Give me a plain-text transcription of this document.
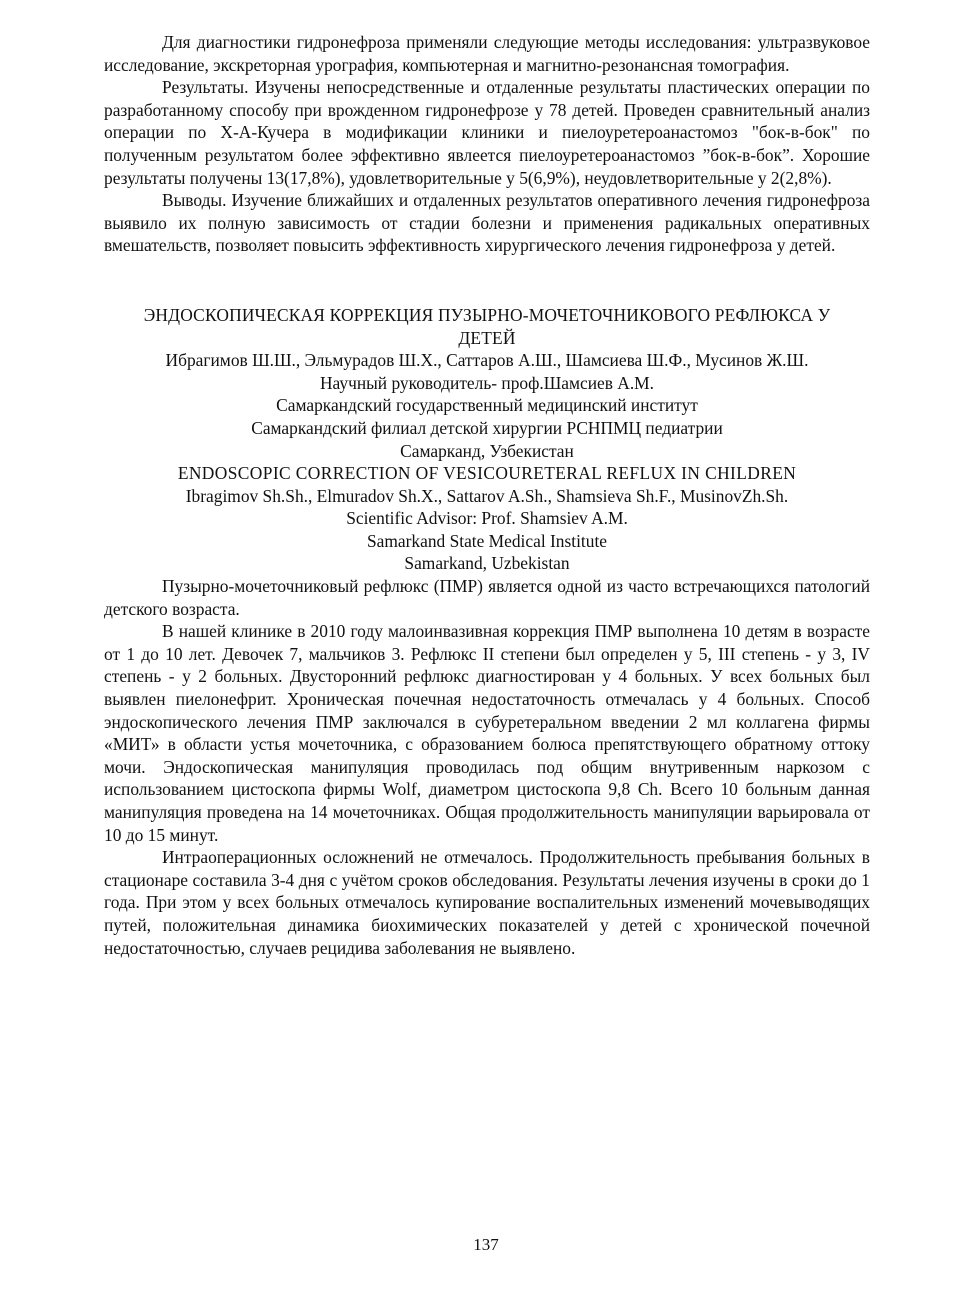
Для диагностики гидронефроза применяли следующие методы исследования: ультразвуковое исследование, экскреторная урография, компьютерная и магнитно-резонансная томография.

Результаты. Изучены непосредственные и отдаленные результаты пластических операции по разработанному способу при врожденном гидронефрозе у 78 детей. Проведен сравнительный анализ операции по Х-А-Кучера в модификации клиники и пиелоуретероанастомоз "бок-в-бок" по полученным результатом более эффективно явлеется пиелоуретероанастомоз ”бок-в-бок”. Хорошие результаты получены 13(17,8%), удовлетворительные у 5(6,9%), неудовлетворительные у 2(2,8%).

Выводы. Изучение ближайших и отдаленных результатов оперативного лечения гидронефроза выявило их полную зависимость от стадии болезни и применения радикальных оперативных вмешательств, позволяет повысить эффективность хирургического лечения гидронефроза у детей.

ЭНДОСКОПИЧЕСКАЯ КОРРЕКЦИЯ ПУЗЫРНО-МОЧЕТОЧНИКОВОГО РЕФЛЮКСА У ДЕТЕЙ
Ибрагимов Ш.Ш., Эльмурадов Ш.Х., Саттаров А.Ш., Шамсиева Ш.Ф., Мусинов Ж.Ш.
Научный руководитель- проф.Шамсиев А.М.
Самаркандский государственный медицинский институт
Самаркандский филиал детской хирургии РСНПМЦ педиатрии
Самарканд, Узбекистан
ENDOSCOPIC CORRECTION OF VESICOURETERAL REFLUX IN CHILDREN
Ibragimov Sh.Sh., Elmuradov Sh.X., Sattarov A.Sh., Shamsieva Sh.F., MusinovZh.Sh.
Scientific Advisor: Prof. Shamsiev A.M.
Samarkand State Medical Institute
Samarkand, Uzbekistan

Пузырно-мочеточниковый рефлюкс (ПМР) является одной из часто встречающихся патологий детского возраста.

В нашей клинике в 2010 году малоинвазивная коррекция ПМР выполнена 10 детям в возрасте от 1 до 10 лет. Девочек 7, мальчиков 3. Рефлюкс II степени был определен у 5, III степень - у 3, IV степень - у 2 больных. Двусторонний рефлюкс диагностирован у 4 больных. У всех больных был выявлен пиелонефрит. Хроническая почечная недостаточность отмечалась у 4 больных. Способ эндоскопического лечения ПМР заключался в субуретеральном введении 2 мл коллагена фирмы «МИТ» в области устья мочеточника, с образованием болюса препятствующего обратному оттоку мочи. Эндоскопическая манипуляция проводилась под общим внутривенным наркозом с использованием цистоскопа фирмы Wolf, диаметром цистоскопа 9,8 Ch. Всего 10 больным данная манипуляция проведена на 14 мочеточниках. Общая продолжительность манипуляции варьировала от 10 до 15 минут.

Интраоперационных осложнений не отмечалось. Продолжительность пребывания больных в стационаре составила 3-4 дня с учётом сроков обследования. Результаты лечения изучены в сроки до 1 года. При этом у всех больных отмечалось купирование воспалительных изменений мочевыводящих путей, положительная динамика биохимических показателей у детей с хронической почечной недостаточностью, случаев рецидива заболевания не выявлено.

137
